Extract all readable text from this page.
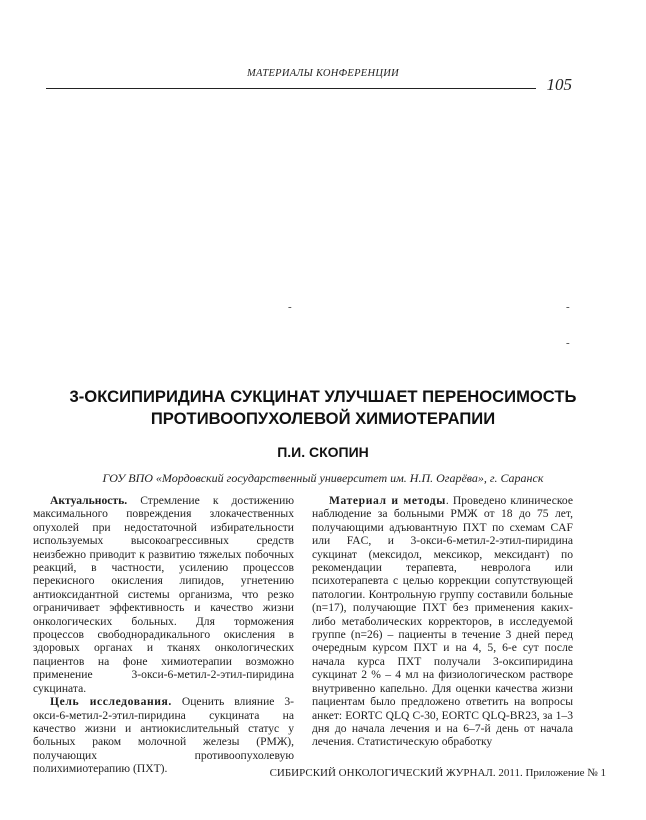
МАТЕРИАЛЫ КОНФЕРЕНЦИИ
105
-	-
-
3-ОКСИПИРИДИНА СУКЦИНАТ УЛУЧШАЕТ ПЕРЕНОСИМОСТЬ
ПРОТИВООПУХОЛЕВОЙ ХИМИОТЕРАПИИ
П.И. СКОПИН
ГОУ ВПО «Мордовский государственный университет им. Н.П. Огарёва», г. Саранск

Актуальность. Стремление к достижению максимального повреждения злокачественных опухолей при недостаточной избирательности используемых высокоагрессивных средств неизбежно приводит к развитию тяжелых побочных реакций, в частности, усилению процессов перекисного окисления липидов, угнетению антиоксидантной системы организма, что резко ограничивает эффективность и качество жизни онкологических больных. Для торможения процессов свободнорадикального окисления в здоровых органах и тканях онкологических пациентов на фоне химиотерапии возможно применение 3-окси-6-метил-2-этил-пиридина сукцината.

Цель исследования. Оценить влияние 3-окси-6-метил-2-этил-пиридина сукцината на качество жизни и антиокислительный статус у больных раком молочной железы (РМЖ), получающих противоопухолевую полихимиотерапию (ПХТ).

Материал и методы. Проведено клиническое наблюдение за больными РМЖ от 18 до 75 лет, получающими адъювантную ПХТ по схемам CAF или FAC, и 3-окси-6-метил-2-этил-пиридина сукцинат (мексидол, мексикор, мексидант) по рекомендации терапевта, невролога или психотерапевта с целью коррекции сопутствующей патологии. Контрольную группу составили больные (n=17), получающие ПХТ без применения каких-либо метаболических корректоров, в исследуемой группе (n=26) – пациенты в течение 3 дней перед очередным курсом ПХТ и на 4, 5, 6-е сут после начала курса ПХТ получали 3-оксипиридина сукцинат 2 % – 4 мл на физиологическом растворе внутривенно капельно. Для оценки качества жизни пациентам было предложено ответить на вопросы анкет: EORTC QLQ C-30, EORTC QLQ-BR23, за 1–3 дня до начала лечения и на 6–7-й день от начала лечения. Статистическую обработку

СИБИРСКИЙ ОНКОЛОГИЧЕСКИЙ ЖУРНАЛ. 2011. Приложение № 1
